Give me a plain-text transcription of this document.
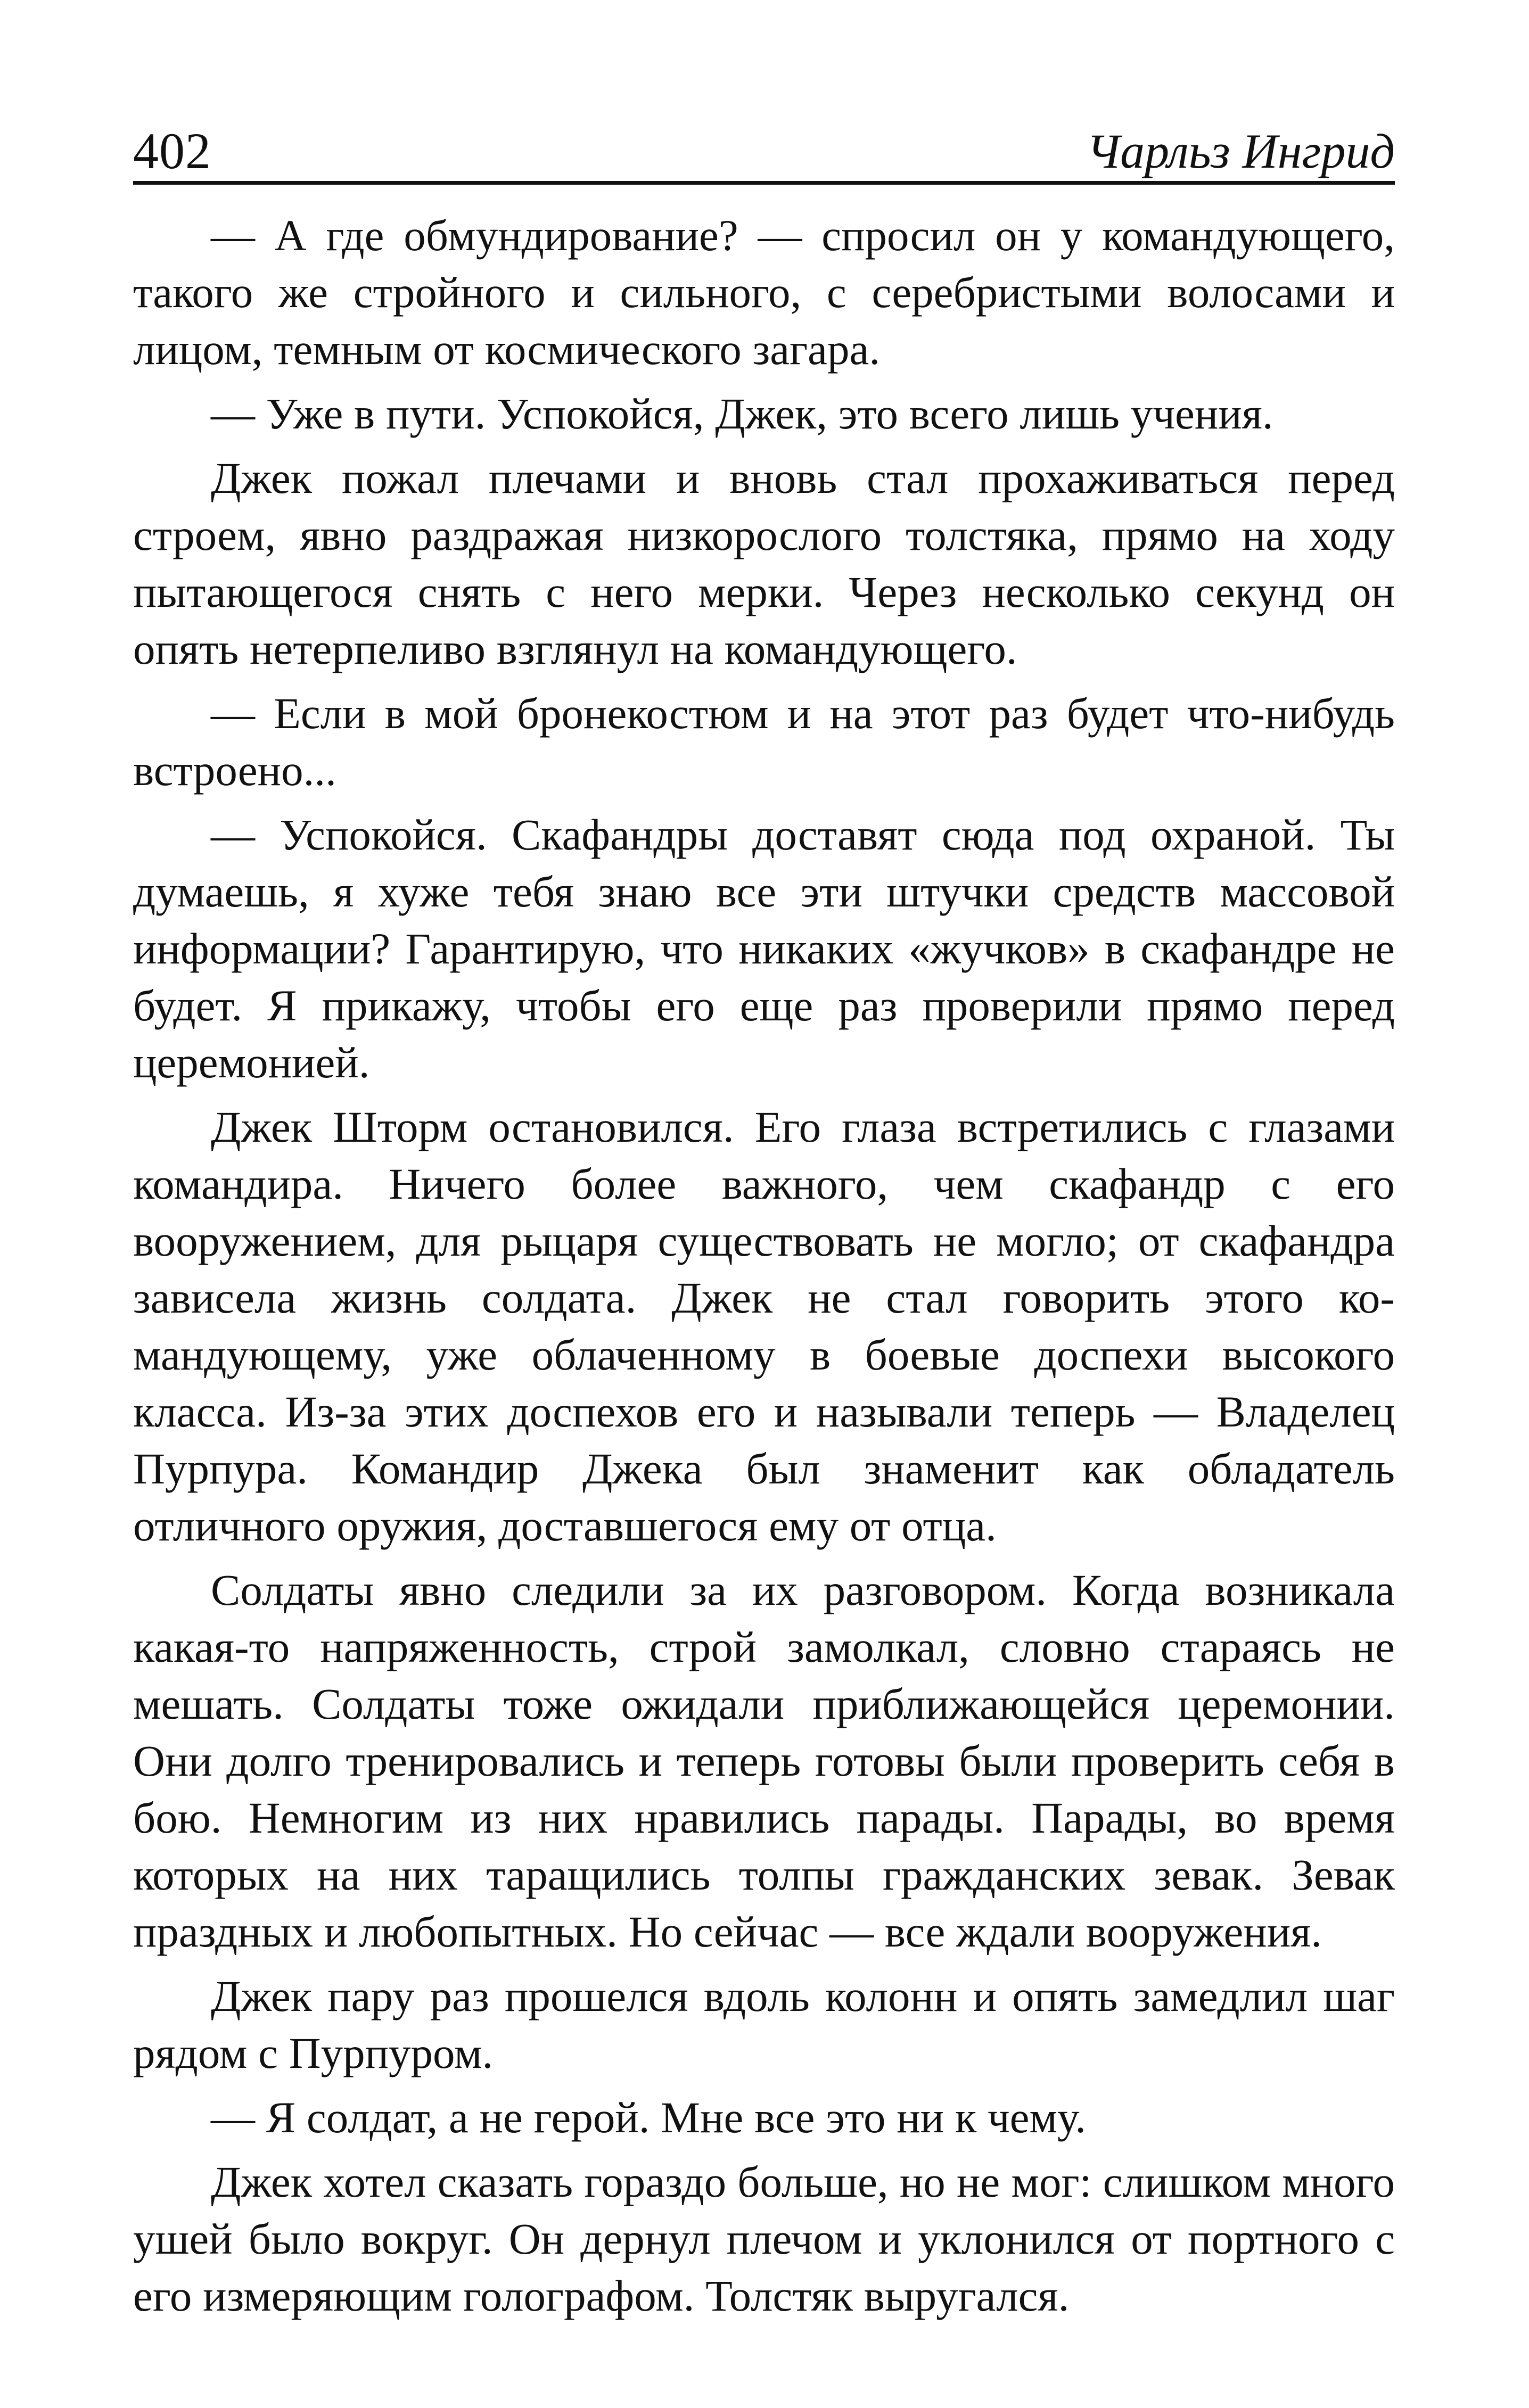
402	Чарльз Ингрид

— А где обмундирование? — спросил он у командующего, такого же стройного и сильного, с серебристыми волосами и лицом, темным от космического загара.

— Уже в пути. Успокойся, Джек, это всего лишь учения.

Джек пожал плечами и вновь стал прохаживаться перед строем, явно раздражая низкорослого толстяка, прямо на ходу пытающегося снять с него мерки. Через несколько секунд он опять нетерпеливо взглянул на командующего.

— Если в мой бронекостюм и на этот раз будет что-нибудь встроено...

— Успокойся. Скафандры доставят сюда под охраной. Ты думаешь, я хуже тебя знаю все эти штучки средств массовой информации? Гарантирую, что никаких «жучков» в скафандре не будет. Я прикажу, чтобы его еще раз проверили прямо перед церемонией.

Джек Шторм остановился. Его глаза встретились с глазами командира. Ничего более важного, чем скафандр с его вооружением, для рыцаря существовать не могло; от скафандра зависела жизнь солдата. Джек не стал говорить этого командующему, уже облаченному в боевые доспехи высокого класса. Из-за этих доспехов его и называли теперь — Владелец Пурпура. Командир Джека был знаменит как обладатель отличного оружия, доставшегося ему от отца.

Солдаты явно следили за их разговором. Когда возникала какая-то напряженность, строй замолкал, словно стараясь не мешать. Солдаты тоже ожидали приближающейся церемонии. Они долго тренировались и теперь готовы были проверить себя в бою. Немногим из них нравились парады. Парады, во время которых на них таращились толпы гражданских зевак. Зевак праздных и любопытных. Но сейчас — все ждали вооружения.

Джек пару раз прошелся вдоль колонн и опять замедлил шаг рядом с Пурпуром.

— Я солдат, а не герой. Мне все это ни к чему.

Джек хотел сказать гораздо больше, но не мог: слишком много ушей было вокруг. Он дернул плечом и уклонился от портного с его измеряющим голографом. Толстяк выругался.
